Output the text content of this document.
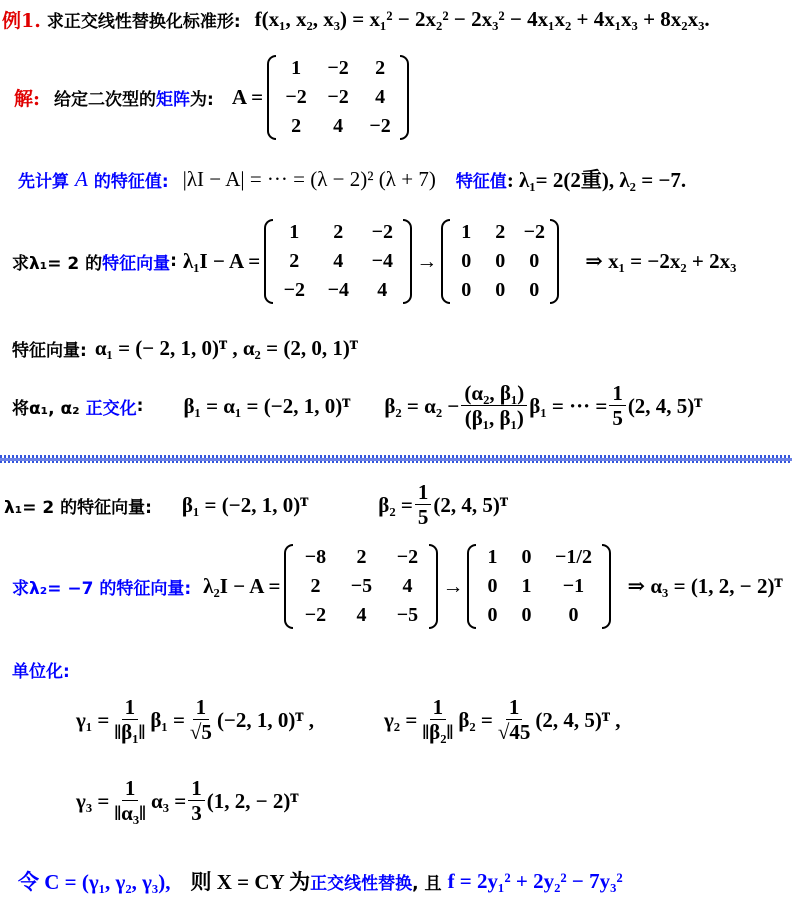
例1. 求正交线性替换化标准形: f(x₁, x₂, x₃) = x₁² − 2x₂² − 2x₃² − 4x₁x₂ + 4x₁x₃ + 8x₂x₃.
解: 给定二次型的 矩阵 为: A =
1	−2	2
−2 −2	4
2	4	−2
先计算 A 的特征值: |λI − A| = ··· = (λ − 2)² (λ + 7) 特征值 : λ₁= 2(2重), λ₂ = −7.
求λ₁= 2 的 特征向量 : λ₁I − A =
1	2	−2
2	4	−4
−2	−4	4
→
1	2 −2
0	0	0
0	0	0
⇒ x₁ = −2x₂ + 2x₃
特征向量: α₁ = (− 2, 1, 0)ᵀ , α₂ = (2, 0, 1)ᵀ
将α₁, α₂ 正交化 : β₁ = α₁ = (−2, 1, 0)ᵀ $\beta_2 = \alpha_2 - \frac{\text{(α₂, β₁)}}{\text{(β₁, β₁)}} \beta_1$ = ··· = $\frac{1}{5} (2$, 4, 5)ᵀ
λ₁= 2 的特征向量: β₁ = (−2, 1, 0)ᵀ	$\beta_2 = \frac{1}{5} (2$, 4, 5)ᵀ
求λ₂= −7 的特征向量: λ₂I − A =
−8	2	−2
2	−5	4
−2	4	−5
→
1	0	−1/2
0	1	−1
0	0	0
⇒ α₃ = (1, 2, − 2)ᵀ
单位化:
$\gamma_1 = \frac{1}{\text{‖β₁‖}} \beta_1 = \frac{1}{√5} (-2$, 1, 0)ᵀ ,	$\gamma_2 = \frac{1}{\text{‖β₂‖}} \beta_2 = \frac{1}{√45} (2$, 4, 5)ᵀ ,
$\gamma_3 = \frac{1}{\text{‖α₃‖}} \alpha_3 = \frac{1}{3} (1$, 2, − 2)ᵀ
令 C = (γ₁, γ₂, γ₃), 则 X = CY 为 正交线性替换 , 且 f = 2y₁² + 2y₂² − 7y₃²
